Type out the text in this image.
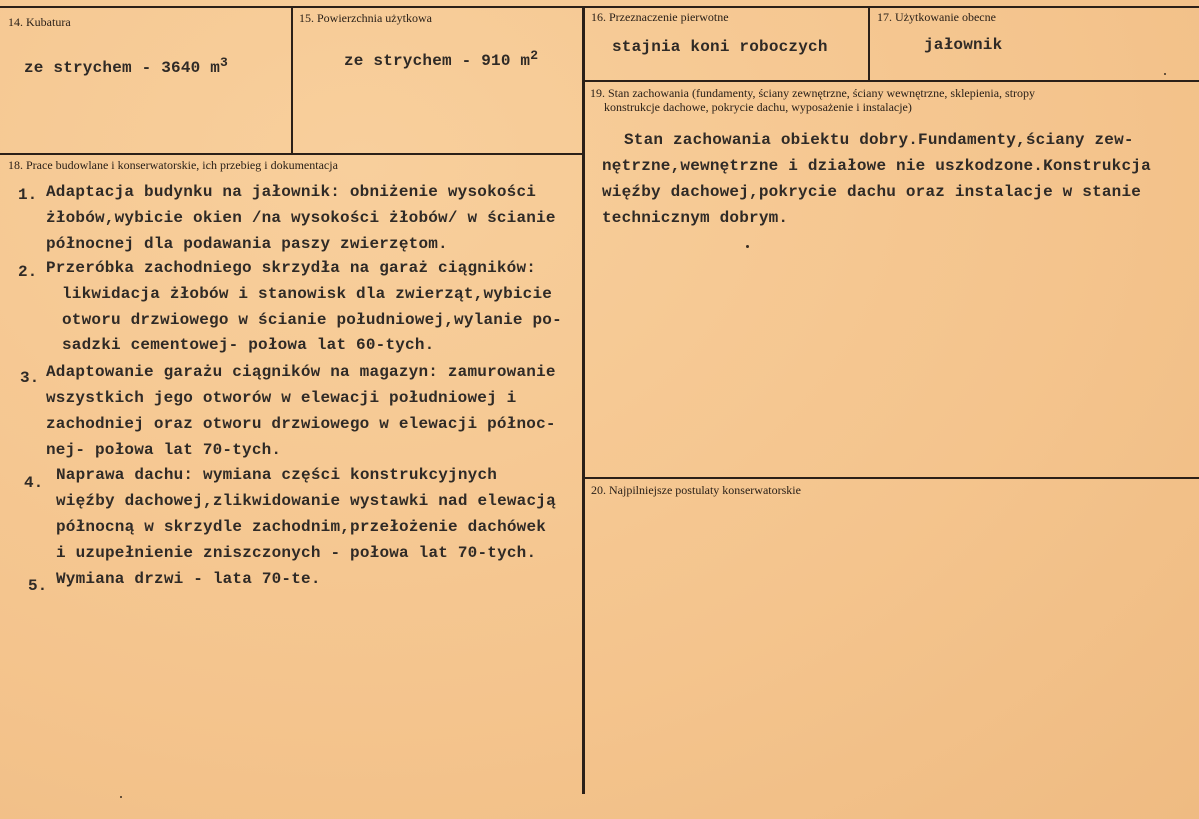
14. Kubatura
ze strychem - 3640 $m^3$
15. Powierzchnia użytkowa
ze strychem - 910 $m^2$
16. Przeznaczenie pierwotne
stajnia koni roboczych
17. Użytkowanie obecne
jałownik
19. Stan zachowania (fundamenty, ściany zewnętrzne, ściany wewnętrzne, sklepienia, stropy
konstrukcje dachowe, pokrycie dachu, wyposażenie i instalacje)
Stan zachowania obiektu dobry.Fundamenty,ściany zew-
nętrzne,wewnętrzne i działowe nie uszkodzone.Konstrukcja
więźby dachowej,pokrycie dachu oraz instalacje w stanie
technicznym dobrym.
18. Prace budowlane i konserwatorskie, ich przebieg i dokumentacja
1. Adaptacja budynku na jałownik: obniżenie wysokości
żłobów,wybicie okien /na wysokości żłobów/ w ścianie
północnej dla podawania paszy zwierzętom.
2. Przeróbka zachodniego skrzydła na garaż ciągników:
likwidacja żłobów i stanowisk dla zwierząt,wybicie
otworu drzwiowego w ścianie południowej,wylanie po-
sadzki cementowej- połowa lat 60-tych.
3. Adaptowanie garażu ciągników na magazyn: zamurowanie
wszystkich jego otworów w elewacji południowej i
zachodniej oraz otworu drzwiowego w elewacji północ-
nej- połowa lat 70-tych.
4. Naprawa dachu: wymiana części konstrukcyjnych
więźby dachowej,zlikwidowanie wystawki nad elewacją
północną w skrzydle zachodnim,przełożenie dachówek
i uzupełnienie zniszczonych - połowa lat 70-tych.
5. Wymiana drzwi - lata 70-te.
20. Najpilniejsze postulaty konserwatorskie
